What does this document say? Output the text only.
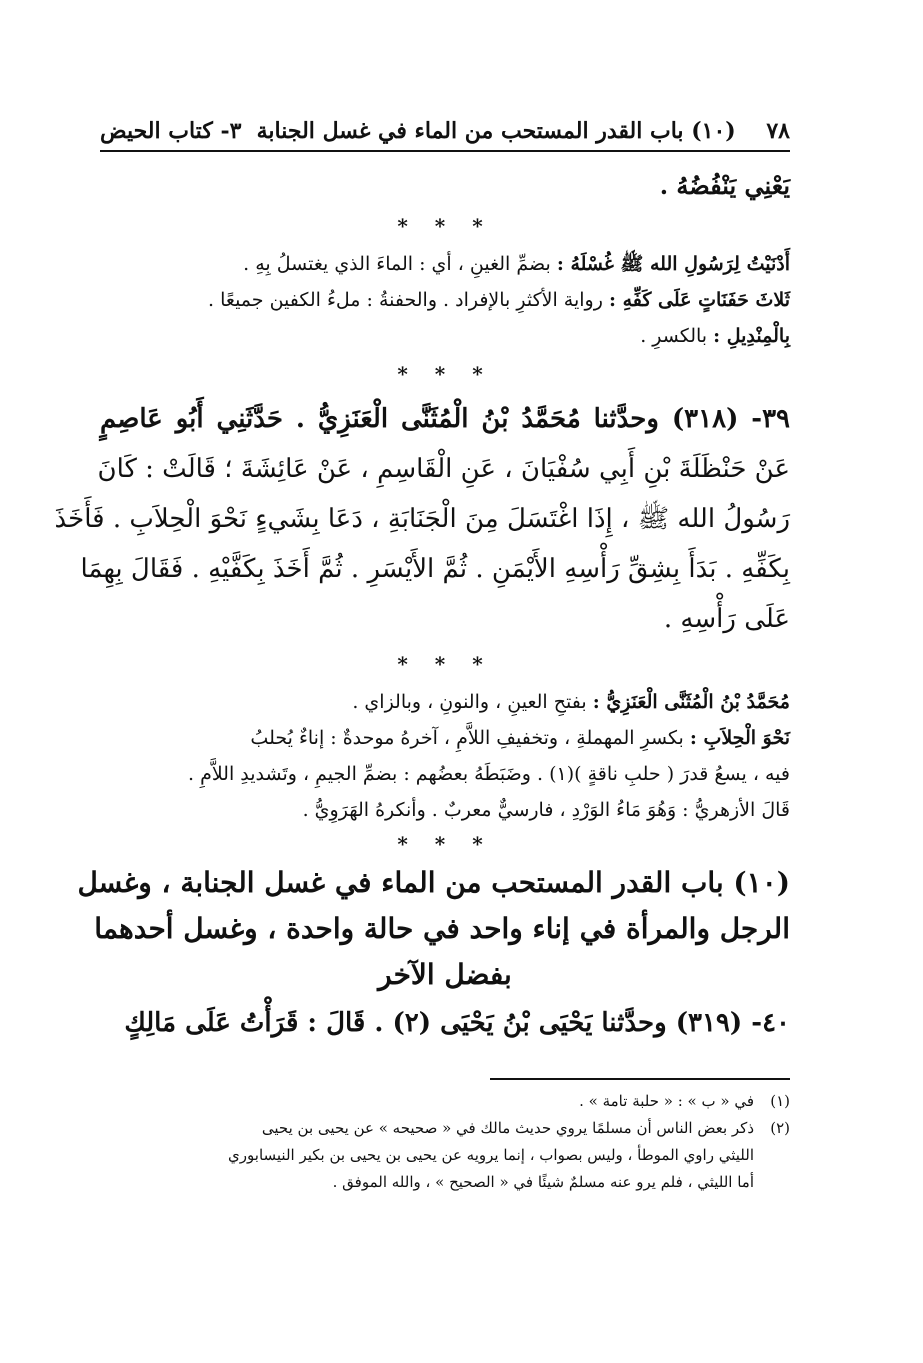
٧٨    (١٠) باب القدر المستحب من الماء في غسل الجنابة
٣- كتاب الحيض
يَعْنِي يَنْفُضُهُ .
* * *
أَدْنَيْتُ لِرَسُولِ الله ﷺ غُسْلَهُ : بضمِّ الغينِ ، أي : الماءَ الذي يغتسلُ بِهِ .
ثَلاثَ حَفَنَاتٍ عَلَى كَفِّهِ : رواية الأكثرِ بالإفراد . والحفنةُ : ملءُ الكفين جميعًا .
بِالْمِنْدِيلِ : بالكسرِ .
* * *
٣٩- (٣١٨) وحدَّثنا مُحَمَّدُ بْنُ الْمُثَنَّى الْعَنَزِيُّ . حَدَّثَنِي أَبُو عَاصِمٍ
عَنْ حَنْظَلَةَ بْنِ أَبِي سُفْيَانَ ، عَنِ الْقَاسِمِ ، عَنْ عَائِشَةَ ؛ قَالَتْ : كَانَ
رَسُولُ الله ﷺ ، إِذَا اغْتَسَلَ مِنَ الْجَنَابَةِ ، دَعَا بِشَيءٍ نَحْوَ الْحِلاَبِ . فَأَخَذَ
بِكَفِّهِ . بَدَأَ بِشِقِّ رَأْسِهِ الأَيْمَنِ . ثُمَّ الأَيْسَرِ . ثُمَّ أَخَذَ بِكَفَّيْهِ . فَقَالَ بِهِمَا
عَلَى رَأْسِهِ .
* * *
مُحَمَّدُ بْنُ الْمُثَنَّى الْعَنَزِيُّ : بفتحِ العينِ ، والنونِ ، وبالزاي .
نَحْوَ الْحِلاَبِ : بكسرِ المهملةِ ، وتخفيفِ اللاَّمِ ، آخرهُ موحدةٌ : إناءٌ يُحلبُ
فيه ، يسعُ قدرَ ( حلبِ ناقةٍ )(١) . وضَبَطَهُ بعضُهم : بضمِّ الجيمِ ، وتَشديدِ اللاَّمِ .
قَالَ الأزهريُّ : وَهُوَ مَاءُ الوَرْدِ ، فارسيٌّ معربٌ . وأنكرهُ الهَرَوِيُّ .
* * *
(١٠) باب القدر المستحب من الماء في غسل الجنابة ، وغسل
الرجل والمرأة في إناء واحد في حالة واحدة ، وغسل أحدهما
بفضل الآخر
٤٠- (٣١٩) وحدَّثنا يَحْيَى بْنُ يَحْيَى (٢) . قَالَ : قَرَأْتُ عَلَى مَالِكٍ
(١)في « ب » : « حلبة تامة » .
(٢)ذكر بعض الناس أن مسلمًا يروي حديث مالك في « صحيحه » عن يحيى بن يحيى
الليثي راوي الموطأ ، وليس بصواب ، إنما يرويه عن يحيى بن يحيى بن بكير النيسابوري
أما الليثي ، فلم يرو عنه مسلمٌ شيئًا في « الصحيح » ، والله الموفق .
